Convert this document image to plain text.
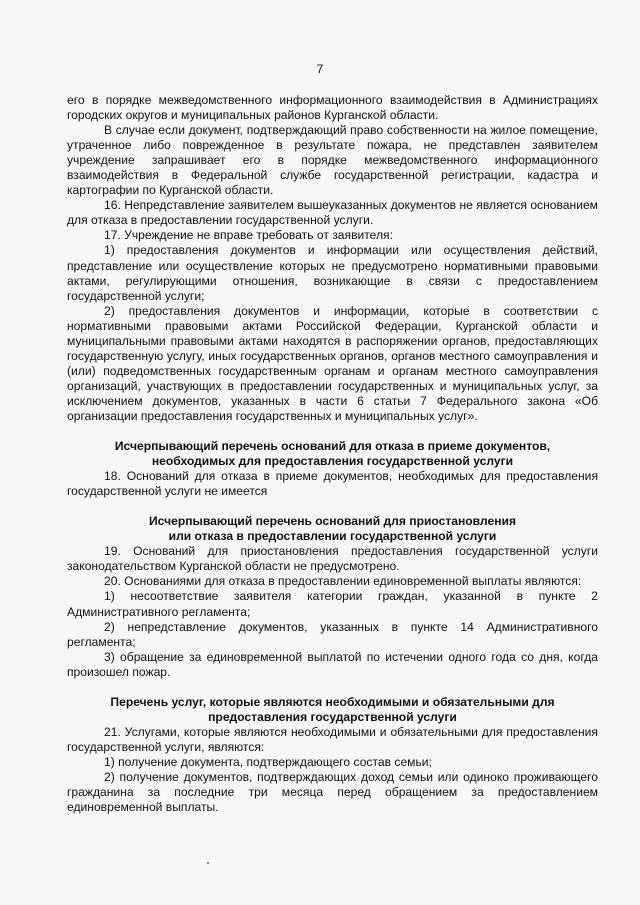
7

его в порядке межведомственного информационного взаимодействия в Администрациях городских округов и муниципальных районов Курганской области.

В случае если документ, подтверждающий право собственности на жилое помещение, утраченное либо поврежденное в результате пожара, не представлен заявителем учреждение запрашивает его в порядке межведомственного информационного взаимодействия в Федеральной службе государственной регистрации, кадастра и картографии по Курганской области.

16. Непредставление заявителем вышеуказанных документов не является основанием для отказа в предоставлении государственной услуги.

17. Учреждение не вправе требовать от заявителя:

1) предоставления документов и информации или осуществления действий, представление или осуществление которых не предусмотрено нормативными правовыми актами, регулирующими отношения, возникающие в связи с предоставлением государственной услуги;

2) предоставления документов и информации, которые в соответствии с нормативными правовыми актами Российской Федерации, Курганской области и муниципальными правовыми актами находятся в распоряжении органов, предоставляющих государственную услугу, иных государственных органов, органов местного самоуправления и (или) подведомственных государственным органам и органам местного самоуправления организаций, участвующих в предоставлении государственных и муниципальных услуг, за исключением документов, указанных в части 6 статьи 7 Федерального закона «Об организации предоставления государственных и муниципальных услуг».

Исчерпывающий перечень оснований для отказа в приеме документов,
необходимых для предоставления государственной услуги

18. Оснований для отказа в приеме документов, необходимых для предоставления государственной услуги не имеется

Исчерпывающий перечень оснований для приостановления
или отказа в предоставлении государственной услуги

19. Оснований для приостановления предоставления государственной услуги законодательством Курганской области не предусмотрено.

20. Основаниями для отказа в предоставлении единовременной выплаты являются:

1) несоответствие заявителя категории граждан, указанной в пункте 2 Административного регламента;

2) непредставление документов, указанных в пункте 14 Административного регламента;

3) обращение за единовременной выплатой по истечении одного года со дня, когда произошел пожар.

Перечень услуг, которые являются необходимыми и обязательными для
предоставления государственной услуги

21. Услугами, которые являются необходимыми и обязательными для предоставления государственной услуги, являются:

1) получение документа, подтверждающего состав семьи;

2) получение документов, подтверждающих доход семьи или одиноко проживающего гражданина за последние три месяца перед обращением за предоставлением единовременной выплаты.
